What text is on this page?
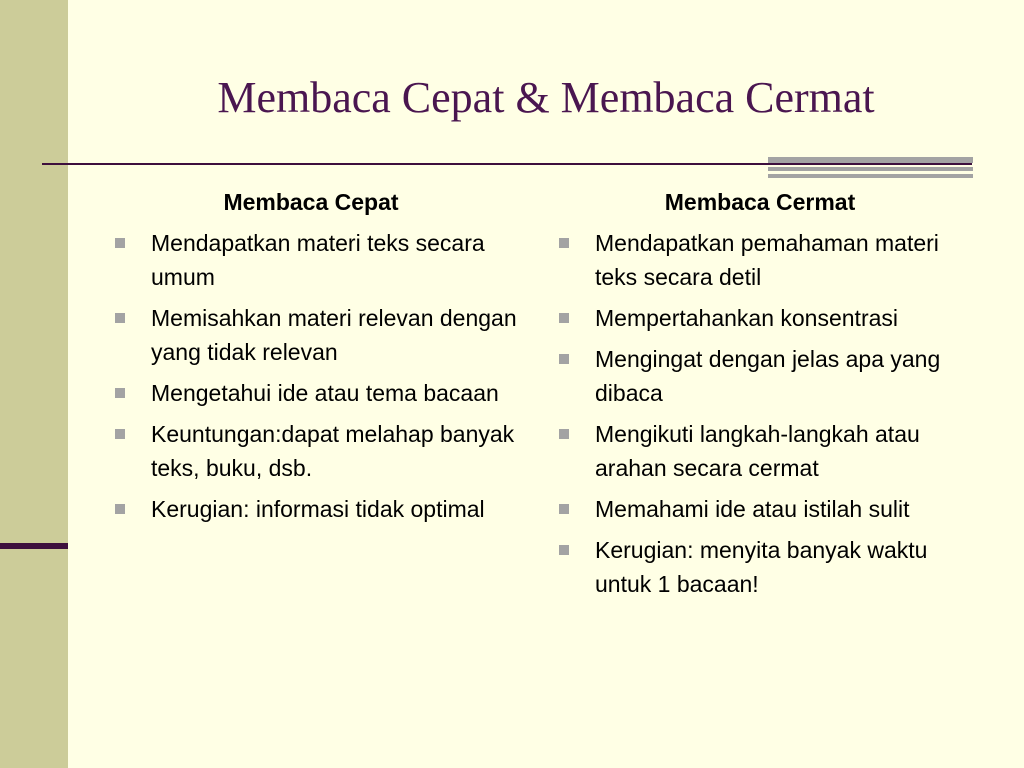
Membaca Cepat & Membaca Cermat
Membaca Cepat
Mendapatkan materi teks secara umum
Memisahkan materi relevan dengan yang tidak relevan
Mengetahui ide atau tema bacaan
Keuntungan:dapat melahap banyak teks, buku, dsb.
Kerugian: informasi tidak optimal
Membaca Cermat
Mendapatkan pemahaman materi teks secara detil
Mempertahankan konsentrasi
Mengingat dengan jelas apa yang dibaca
Mengikuti langkah-langkah atau arahan secara cermat
Memahami ide atau istilah sulit
Kerugian: menyita banyak waktu untuk 1 bacaan!
